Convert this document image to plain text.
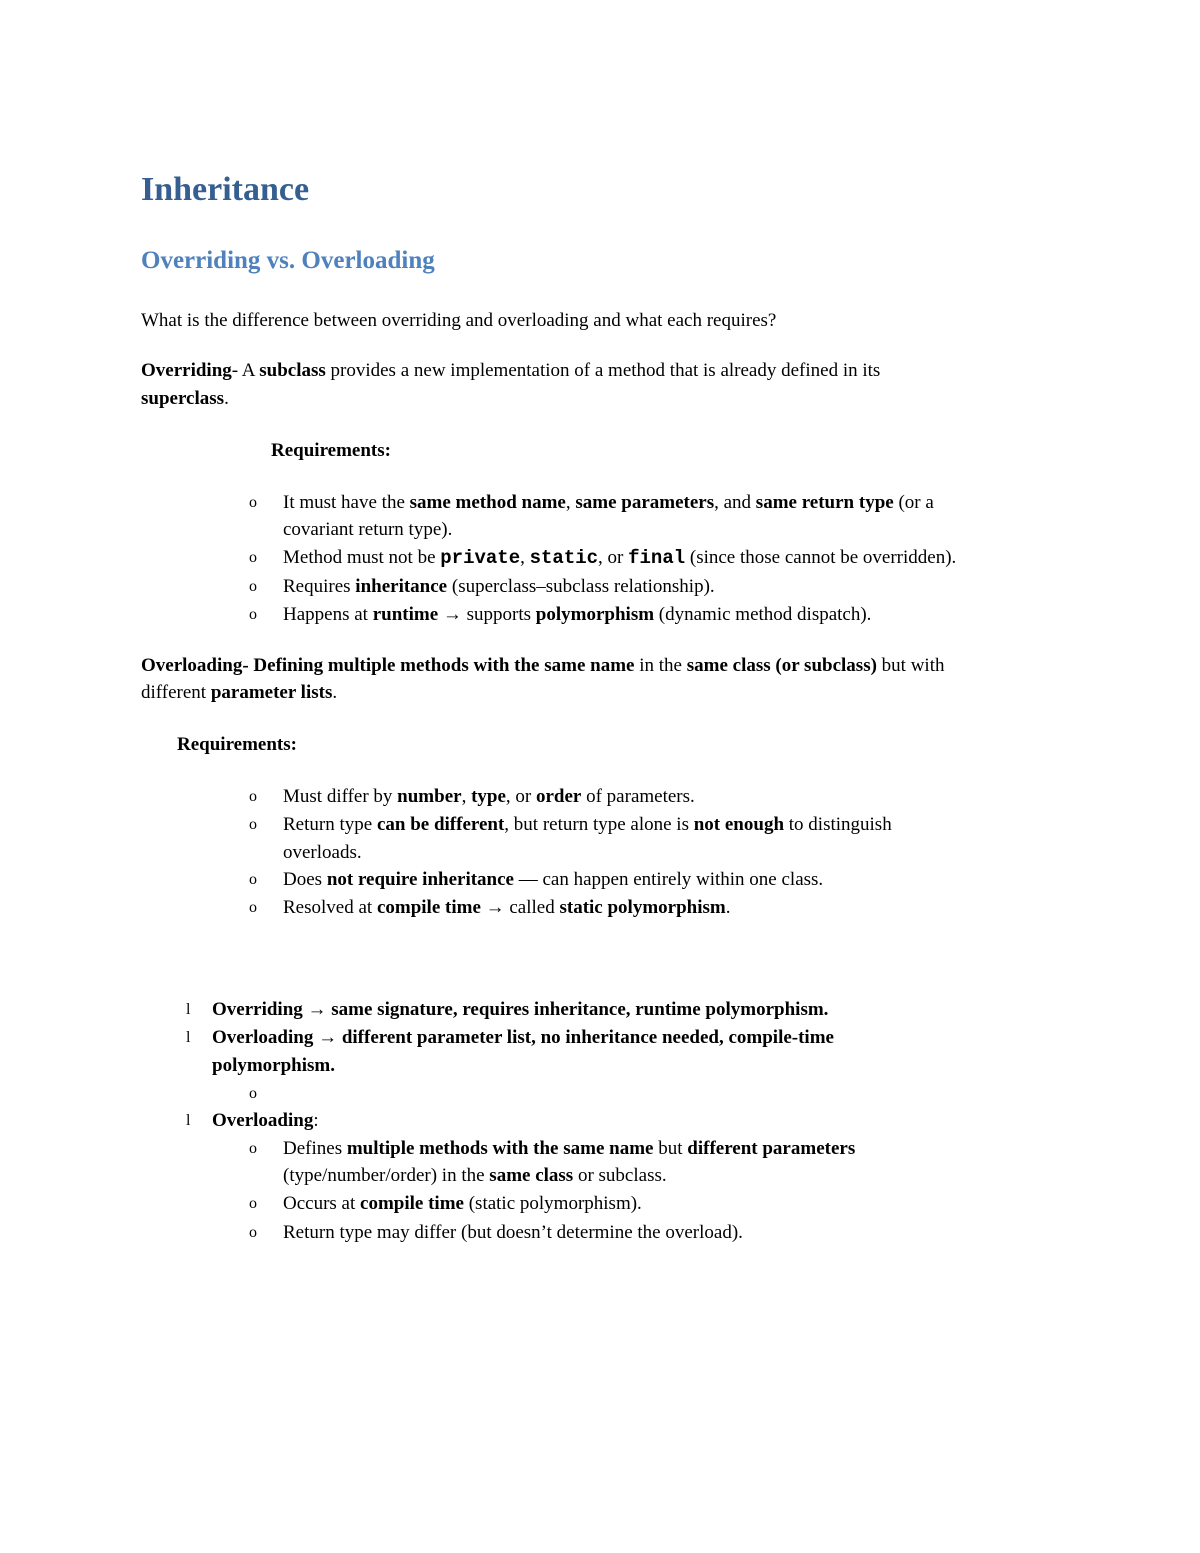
Inheritance
Overriding vs. Overloading
What is the difference between overriding and overloading and what each requires?
Overriding- A subclass provides a new implementation of a method that is already defined in its
superclass.
Requirements:
o	It must have the same method name, same parameters, and same return type (or a
covariant return type).
o	Method must not be private, static, or final (since those cannot be overridden).
o	Requires inheritance (superclass–subclass relationship).
o	Happens at runtime → supports polymorphism (dynamic method dispatch).
Overloading- Defining multiple methods with the same name in the same class (or subclass) but with
different parameter lists.
Requirements:
o	Must differ by number, type, or order of parameters.
o	Return type can be different, but return type alone is not enough to distinguish
overloads.
o	Does not require inheritance — can happen entirely within one class.
o	Resolved at compile time → called static polymorphism.
l Overriding → same signature, requires inheritance, runtime polymorphism.
l Overloading → different parameter list, no inheritance needed, compile-time
polymorphism.
o
l Overloading:
o	Defines multiple methods with the same name but different parameters
(type/number/order) in the same class or subclass.
o	Occurs at compile time (static polymorphism).
o	Return type may differ (but doesn’t determine the overload).
